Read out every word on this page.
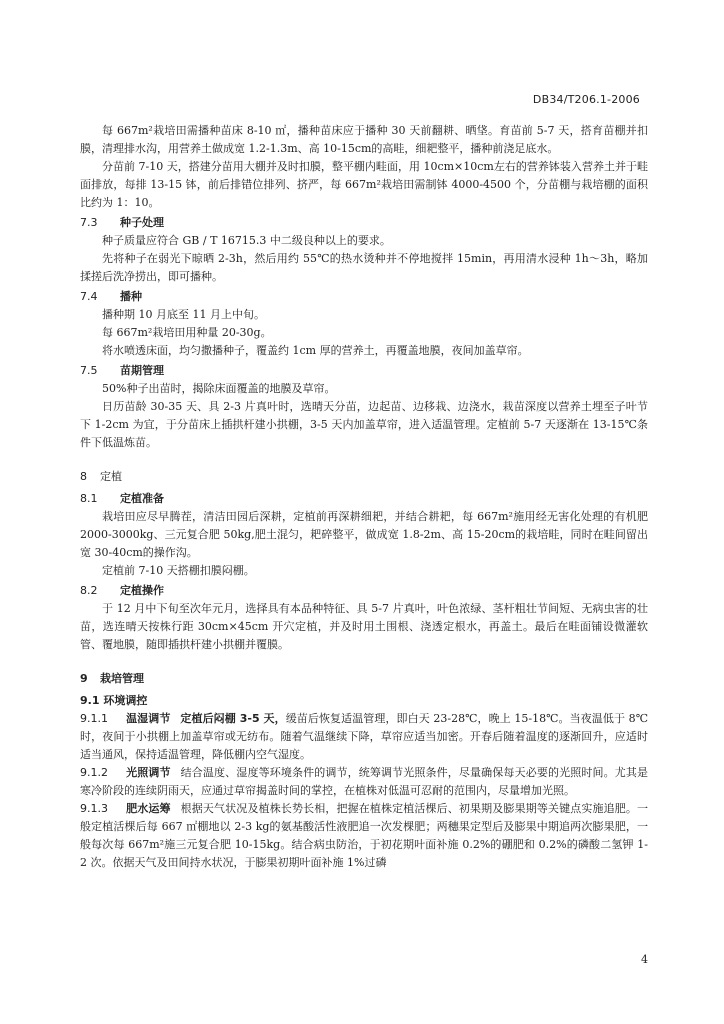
DB34/T206.1-2006

每 667m²栽培田需播种苗床 8-10 ㎡，播种苗床应于播种 30 天前翻耕、晒垡。育苗前 5-7 天，搭育苗棚并扣膜，清理排水沟，用营养土做成宽 1.2-1.3m、高 10-15cm的高畦，细耙整平，播种前浇足底水。

分苗前 7-10 天，搭建分苗用大棚并及时扣膜，整平棚内畦面，用 10cm×10cm左右的营养钵装入营养土并于畦面排放，每排 13-15 钵，前后排错位排列、挤严，每 667m²栽培田需制钵 4000-4500 个，分苗棚与栽培棚的面积比约为 1：10。

7.3 种子处理

种子质量应符合 GB / T 16715.3 中二级良种以上的要求。

先将种子在弱光下晾晒 2-3h，然后用约 55℃的热水烫种并不停地搅拌 15min，再用清水浸种 1h～3h，略加揉搓后洗净捞出，即可播种。

7.4 播种

播种期 10 月底至 11 月上中旬。

每 667m²栽培田用种量 20-30g。

将水喷透床面，均匀撒播种子，覆盖约 1cm 厚的营养土，再覆盖地膜，夜间加盖草帘。

7.5 苗期管理

50%种子出苗时，揭除床面覆盖的地膜及草帘。

日历苗龄 30-35 天、具 2-3 片真叶时，选晴天分苗，边起苗、边移栽、边浇水，栽苗深度以营养土埋至子叶节下 1-2cm 为宜，于分苗床上插拱杆建小拱棚，3-5 天内加盖草帘，进入适温管理。定植前 5-7 天逐渐在 13-15℃条件下低温炼苗。

8 定植

8.1 定植准备

栽培田应尽早腾茬，清洁田园后深耕，定植前再深耕细耙，并结合耕耙，每 667m²施用经无害化处理的有机肥 2000-3000kg、三元复合肥 50kg,肥土混匀，耙碎整平，做成宽 1.8-2m、高 15-20cm的栽培畦，同时在畦间留出宽 30-40cm的操作沟。

定植前 7-10 天搭棚扣膜闷棚。

8.2 定植操作

于 12 月中下旬至次年元月，选择具有本品种特征、具 5-7 片真叶，叶色浓绿、茎杆粗壮节间短、无病虫害的壮苗，选连晴天按株行距 30cm×45cm 开穴定植，并及时用土围根、浇透定根水，再盖土。最后在畦面铺设微灌软管、覆地膜，随即插拱杆建小拱棚并覆膜。

9 栽培管理

9.1 环境调控

9.1.1 温湿调节 定植后闷棚 3-5 天，缓苗后恢复适温管理，即白天 23-28℃，晚上 15-18℃。当夜温低于 8℃时，夜间于小拱棚上加盖草帘或无纺布。随着气温继续下降，草帘应适当加密。开春后随着温度的逐渐回升，应适时适当通风，保持适温管理，降低棚内空气湿度。

9.1.2 光照调节 结合温度、湿度等环境条件的调节，统筹调节光照条件，尽量确保每天必要的光照时间。尤其是寒冷阶段的连续阴雨天，应通过草帘揭盖时间的掌控，在植株对低温可忍耐的范围内，尽量增加光照。

9.1.3 肥水运筹 根据天气状况及植株长势长相，把握在植株定植活棵后、初果期及膨果期等关键点实施追肥。一般定植活棵后每 667 ㎡棚地以 2-3 kg的氨基酸活性液肥追一次发棵肥；两穗果定型后及膨果中期追两次膨果肥，一般每次每 667m²施三元复合肥 10-15kg。结合病虫防治，于初花期叶面补施 0.2%的硼肥和 0.2%的磷酸二氢钾 1-2 次。依据天气及田间持水状况，于膨果初期叶面补施 1%过磷

4
